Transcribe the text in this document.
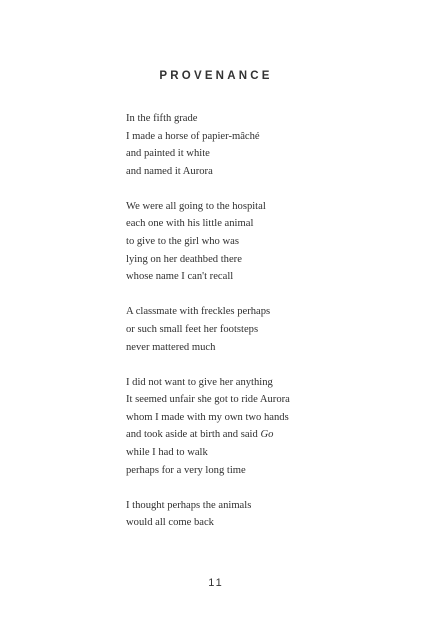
PROVENANCE
In the fifth grade
I made a horse of papier-mâché
and painted it white
and named it Aurora
We were all going to the hospital
each one with his little animal
to give to the girl who was
lying on her deathbed there
whose name I can't recall
A classmate with freckles perhaps
or such small feet her footsteps
never mattered much
I did not want to give her anything
It seemed unfair she got to ride Aurora
whom I made with my own two hands
and took aside at birth and said Go
while I had to walk
perhaps for a very long time
I thought perhaps the animals
would all come back
11
